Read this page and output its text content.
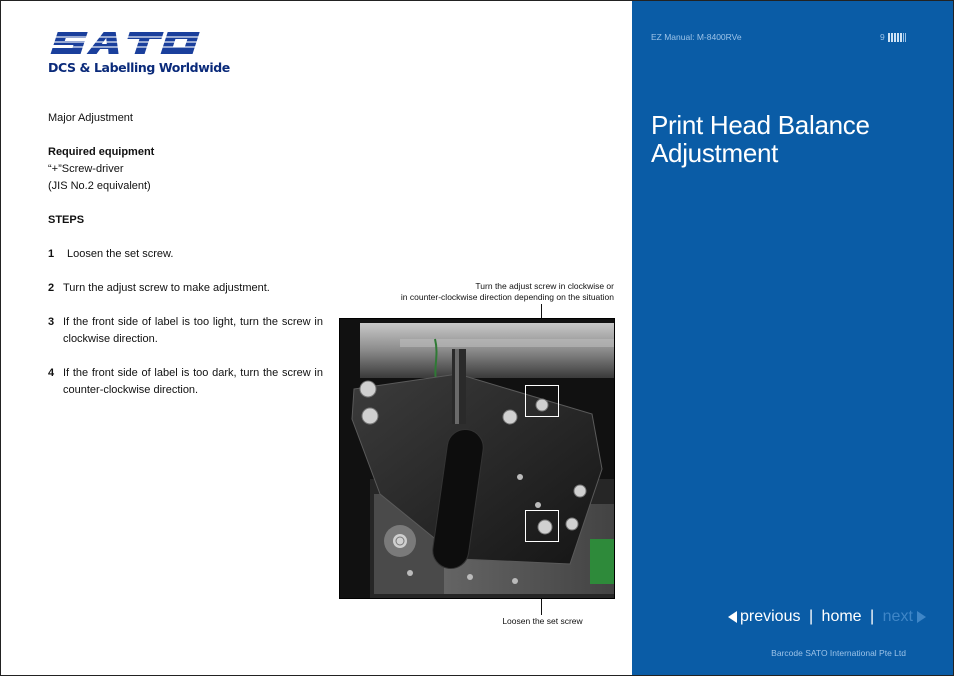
DCS & Labelling Worldwide
Major Adjustment
Required equipment
“+”Screw-driver
(JIS No.2 equivalent)
STEPS
1	Loosen the set screw.
2 Turn the adjust screw to make adjustment.
3 If the front side of label is too light, turn the screw in clockwise direction.
4 If the front side of label is too dark, turn the screw in counter-clockwise direction.
Turn the adjust screw in clockwise or
in counter-clockwise direction depending on the situation
Loosen the set screw
EZ Manual: M-8400RVe	9
Print Head Balance Adjustment
previous | home | next
Barcode SATO International Pte Ltd
